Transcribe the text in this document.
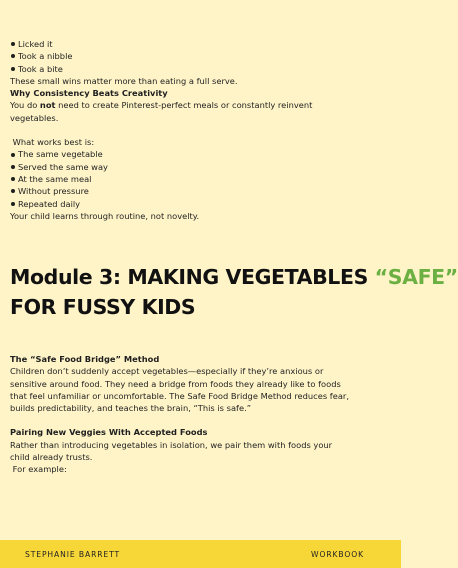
Licked it
Took a nibble
Took a bite
These small wins matter more than eating a full serve.
Why Consistency Beats Creativity
You do not need to create Pinterest-perfect meals or constantly reinvent
vegetables.
What works best is:
The same vegetable
Served the same way
At the same meal
Without pressure
Repeated daily
Your child learns through routine, not novelty.
Module 3: MAKING VEGETABLES “SAFE”
FOR FUSSY KIDS
The “Safe Food Bridge” Method
Children don’t suddenly accept vegetables—especially if they’re anxious or
sensitive around food. They need a bridge from foods they already like to foods
that feel unfamiliar or uncomfortable. The Safe Food Bridge Method reduces fear,
builds predictability, and teaches the brain, “This is safe.”
Pairing New Veggies With Accepted Foods
Rather than introducing vegetables in isolation, we pair them with foods your
child already trusts.
For example:
STEPHANIE BARRETT	WORKBOOK
